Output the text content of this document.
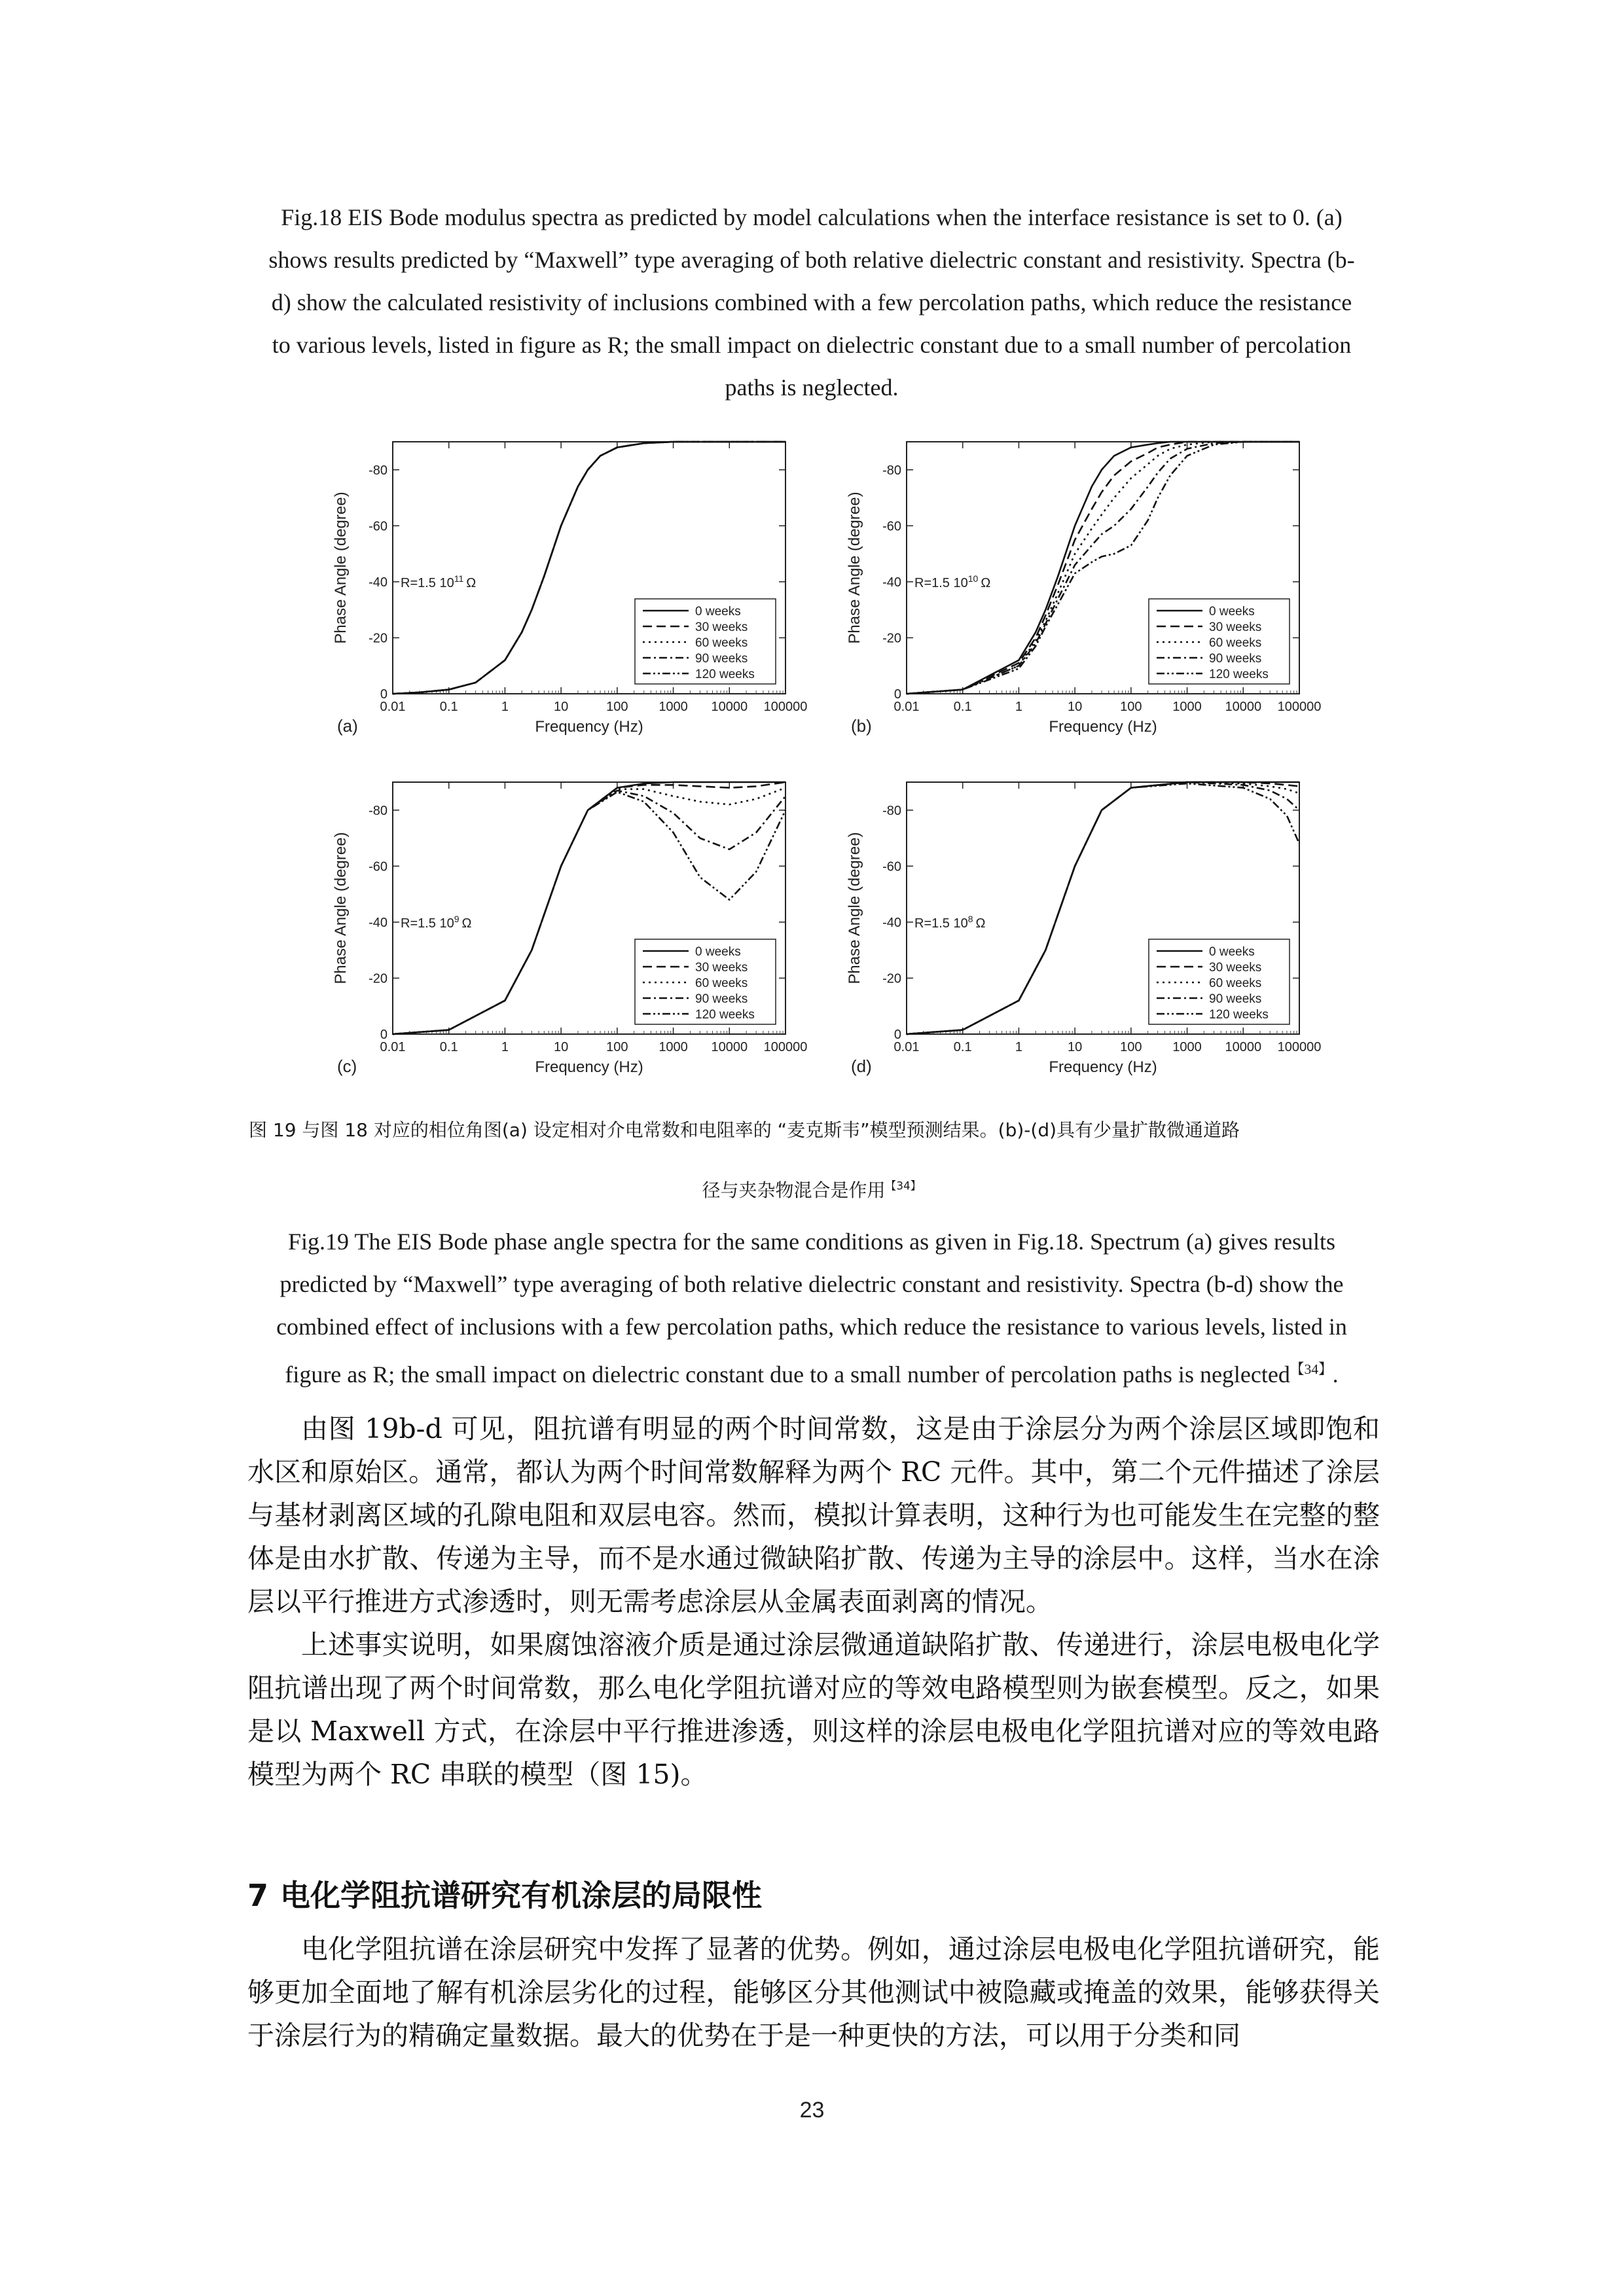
Fig.18 EIS Bode modulus spectra as predicted by model calculations when the interface resistance is set to 0. (a)

shows results predicted by “Maxwell” type averaging of both relative dielectric constant and resistivity. Spectra (b-

d) show the calculated resistivity of inclusions combined with a few percolation paths, which reduce the resistance

to various levels, listed in figure as R; the small impact on dielectric constant due to a small number of percolation

paths is neglected.

0.01	0.1	1	10	100 1000 10000 100000
0
-20
-40
-60
-80
Frequency (Hz)
Phase Angle (degree)
(a)
R=1.5 $10^{11}$ Ω
0 weeks
30 weeks
60 weeks
90 weeks
120 weeks
0.01	0.1	1	10	100 1000 10000 100000
0
-20
-40
-60
-80
Frequency (Hz)
Phase Angle (degree)
(b)
R=1.5 $10^{10}$ Ω
0 weeks
30 weeks
60 weeks
90 weeks
120 weeks
0.01	0.1	1	10	100 1000 10000 100000
0
-20
-40
-60
-80
Frequency (Hz)
Phase Angle (degree)
(c)
R=1.5 $10^9$ Ω
0 weeks
30 weeks
60 weeks
90 weeks
120 weeks
0.01	0.1	1	10	100 1000 10000 100000
0
-20
-40
-60
-80
Frequency (Hz)
Phase Angle (degree)
(d)
R=1.5 $10^8$ Ω
0 weeks
30 weeks
60 weeks
90 weeks
120 weeks
图 19 与图 18 对应的相位角图(a) 设定相对介电常数和电阻率的 “麦克斯韦”模型预测结果。(b)-(d)具有少量扩散微通道路
径与夹杂物混合是作用$^{【34】}$

Fig.19 The EIS Bode phase angle spectra for the same conditions as given in Fig.18. Spectrum (a) gives results

predicted by “Maxwell” type averaging of both relative dielectric constant and resistivity. Spectra (b-d) show the

combined effect of inclusions with a few percolation paths, which reduce the resistance to various levels, listed in

figure as R; the small impact on dielectric constant due to a small number of percolation paths is neglected$^{【34】}$.

由图 19b-d 可见，阻抗谱有明显的两个时间常数，这是由于涂层分为两个涂层区域即饱和水区和原始区。通常，都认为两个时间常数解释为两个 RC 元件。其中，第二个元件描述了涂层与基材剥离区域的孔隙电阻和双层电容。然而，模拟计算表明，这种行为也可能发生在完整的整体是由水扩散、传递为主导，而不是水通过微缺陷扩散、传递为主导的涂层中。这样，当水在涂层以平行推进方式渗透时，则无需考虑涂层从金属表面剥离的情况。

上述事实说明，如果腐蚀溶液介质是通过涂层微通道缺陷扩散、传递进行，涂层电极电化学阻抗谱出现了两个时间常数，那么电化学阻抗谱对应的等效电路模型则为嵌套模型。反之，如果是以 Maxwell 方式，在涂层中平行推进渗透，则这样的涂层电极电化学阻抗谱对应的等效电路模型为两个 RC 串联的模型（图 15)。

7 电化学阻抗谱研究有机涂层的局限性

电化学阻抗谱在涂层研究中发挥了显著的优势。例如，通过涂层电极电化学阻抗谱研究，能够更加全面地了解有机涂层劣化的过程，能够区分其他测试中被隐藏或掩盖的效果，能够获得关于涂层行为的精确定量数据。最大的优势在于是一种更快的方法，可以用于分类和同

23
